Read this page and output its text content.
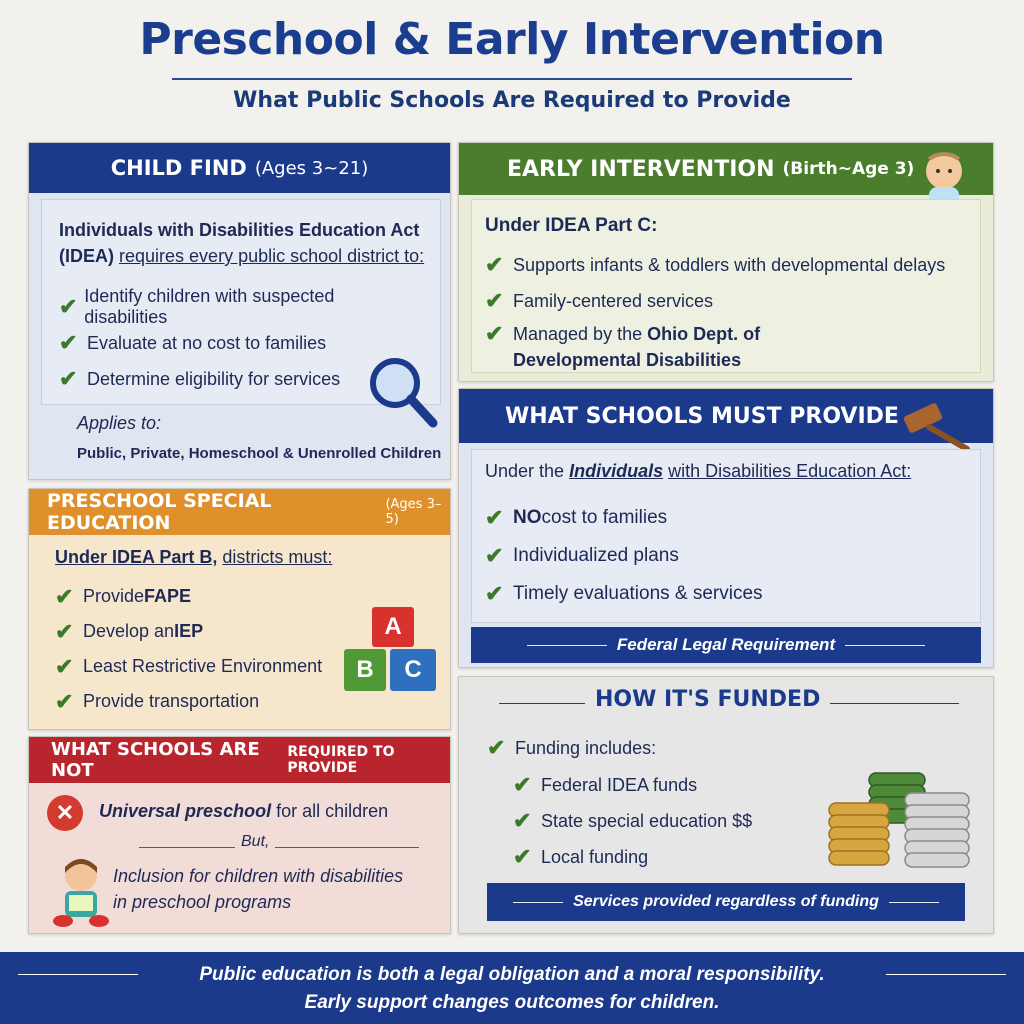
Preschool & Early Intervention
What Public Schools Are Required to Provide
CHILD FIND (Ages 3~21)
Individuals with Disabilities Education Act (IDEA) requires every public school district to:
✔ Identify children with suspected disabilities
✔ Evaluate at no cost to families
✔ Determine eligibility for services
Applies to:
Public, Private, Homeschool & Unenrolled Children
EARLY INTERVENTION (Birth~Age 3)
Under IDEA Part C:
✔ Supports infants & toddlers with developmental delays
✔ Family-centered services
✔ Managed by the Ohio Dept. of
Developmental Disabilities
WHAT SCHOOLS MUST PROVIDE
Under the Individuals with Disabilities Education Act:
✔ NO cost to families
✔ Individualized plans
✔ Timely evaluations & services
Federal Legal Requirement
PRESCHOOL SPECIAL EDUCATION
(Ages 3–5)
Under IDEA Part B, districts must:
✔ Provide FAPE
✔ Develop an IEP
✔ Least Restrictive Environment
✔ Provide transportation
A
B	C
WHAT SCHOOLS ARE NOT
REQUIRED TO PROVIDE
✕	Universal preschool for all children
But,
Inclusion for children with disabilities
in preschool programs
HOW IT'S FUNDED
✔ Funding includes:
✔ Federal IDEA funds
✔ State special education $$
✔ Local funding
Services provided regardless of funding
Public education is both a legal obligation and a moral responsibility.
Early support changes outcomes for children.
